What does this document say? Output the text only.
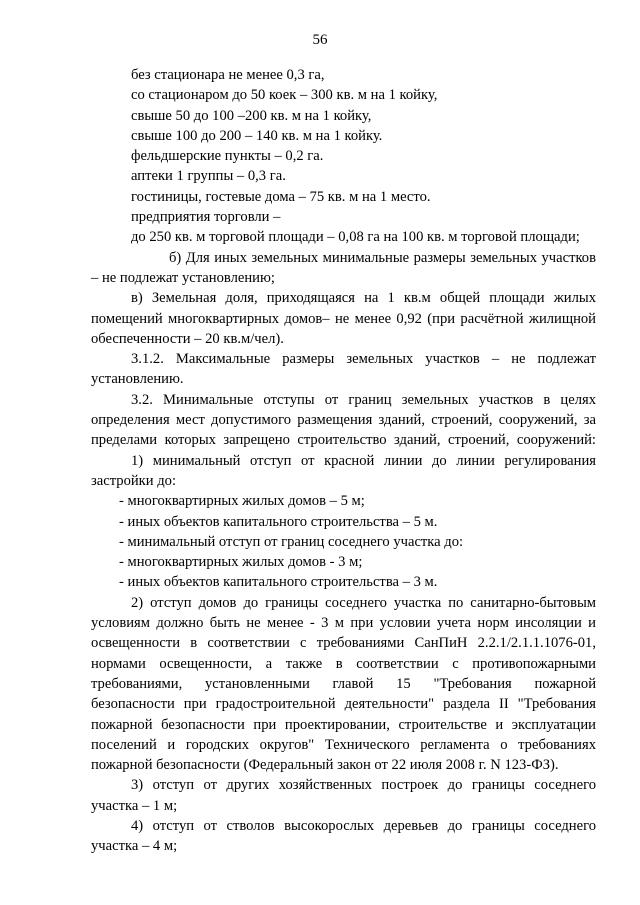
56
без стационара не менее 0,3 га,
со стационаром до 50 коек – 300 кв. м на 1 койку,
свыше 50 до 100 –200 кв. м на 1 койку,
свыше 100 до 200 – 140 кв. м на 1 койку.
фельдшерские пункты – 0,2 га.
аптеки 1 группы – 0,3 га.
гостиницы, гостевые дома – 75 кв. м на 1 место.
предприятия торговли –
до 250 кв. м торговой площади – 0,08 га на 100 кв. м торговой площади;
б) Для иных земельных минимальные размеры земельных участков
– не подлежат установлению;
в) Земельная доля, приходящаяся на 1 кв.м общей площади жилых
помещений многоквартирных домов– не менее 0,92 (при расчётной жилищной
обеспеченности – 20 кв.м/чел).
3.1.2. Максимальные размеры земельных участков – не подлежат
установлению.
3.2. Минимальные отступы от границ земельных участков в целях
определения мест допустимого размещения зданий, строений, сооружений, за
пределами которых запрещено строительство зданий, строений, сооружений:
1) минимальный отступ от красной линии до линии регулирования
застройки до:
- многоквартирных жилых домов – 5 м;
- иных объектов капитального строительства – 5 м.
- минимальный отступ от границ соседнего участка до:
- многоквартирных жилых домов - 3 м;
- иных объектов капитального строительства – 3 м.
2) отступ домов до границы соседнего участка по санитарно-бытовым
условиям должно быть не менее - 3 м при условии учета норм инсоляции и
освещенности в соответствии с требованиями СанПиН 2.2.1/2.1.1.1076-01,
нормами освещенности, а также в соответствии с противопожарными
требованиями, установленными главой 15 "Требования пожарной
безопасности при градостроительной деятельности" раздела II "Требования
пожарной безопасности при проектировании, строительстве и эксплуатации
поселений и городских округов" Технического регламента о требованиях
пожарной безопасности (Федеральный закон от 22 июля 2008 г. N 123-ФЗ).
3) отступ от других хозяйственных построек до границы соседнего
участка – 1 м;
4) отступ от стволов высокорослых деревьев до границы соседнего
участка – 4 м;
